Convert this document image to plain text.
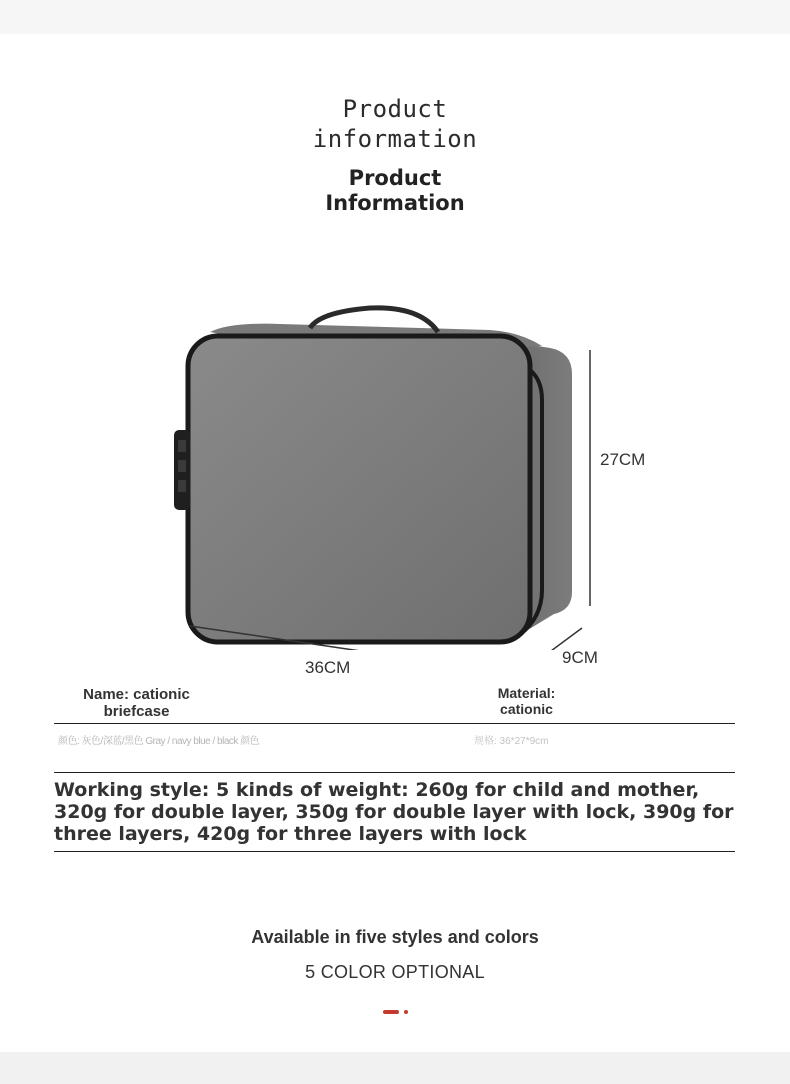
Product
information
Product
Information
27CM
36CM
9CM
Name: cationic
briefcase
Material:
cationic
颜色: 灰色/深蓝/黑色 Gray / navy blue / black 颜色	规格: 36*27*9cm
Working style: 5 kinds of weight: 260g for child and mother, 320g for double layer, 350g for double layer with lock, 390g for three layers, 420g for three layers with lock
Available in five styles and colors
5 COLOR OPTIONAL
